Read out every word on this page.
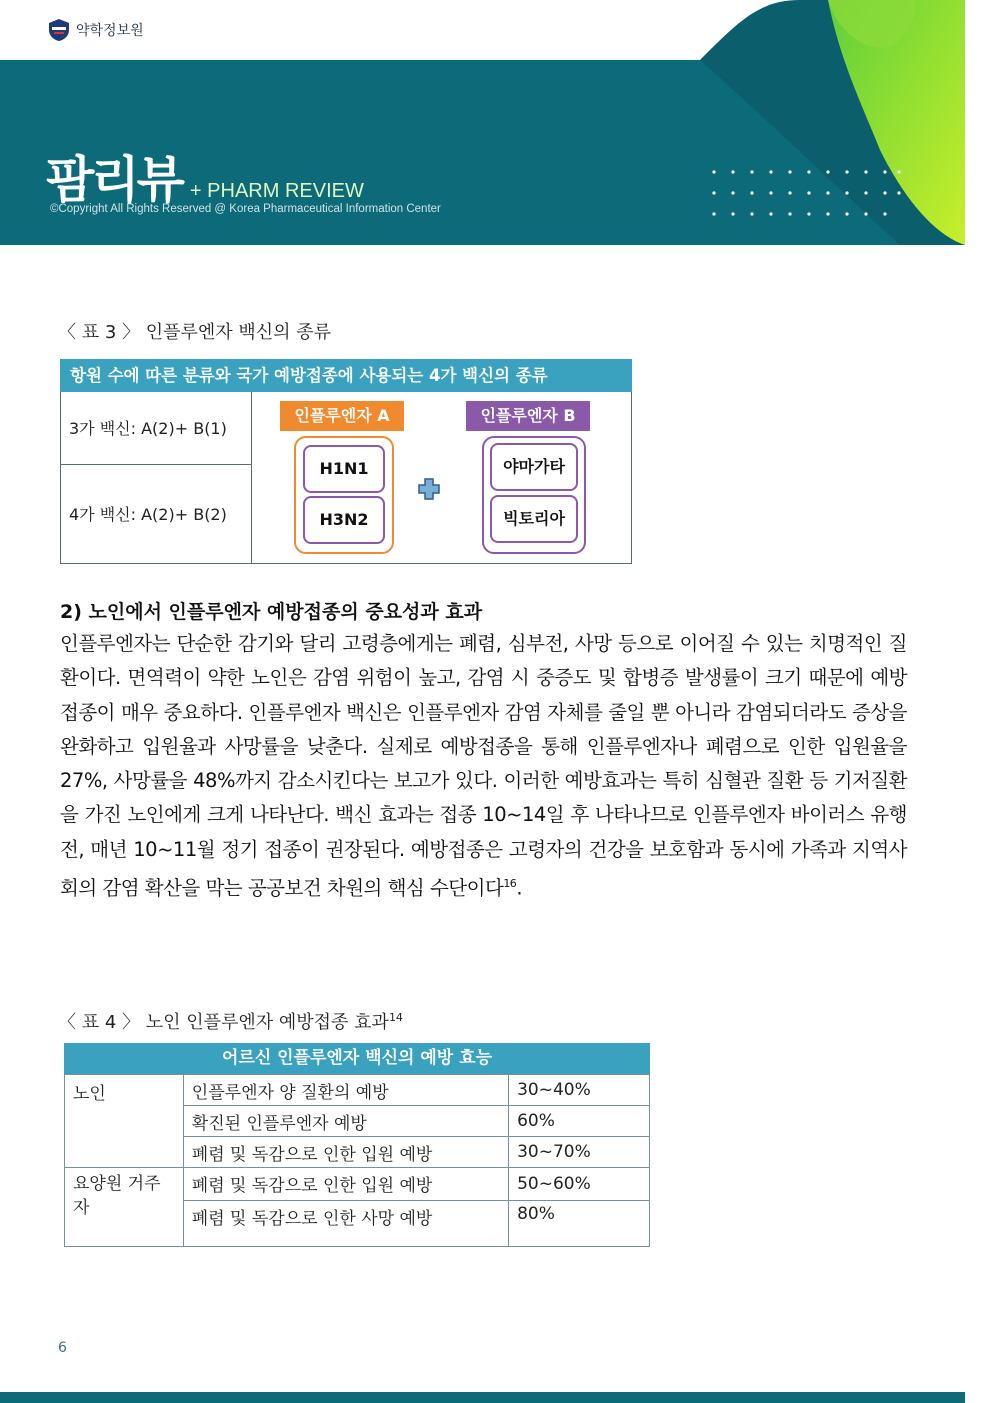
약학정보원
팜리뷰 + PHARM REVIEW
©Copyright All Rights Reserved @ Korea Pharmaceutical Information Center
〈 표 3 〉 인플루엔자 백신의 종류
항원 수에 따른 분류와 국가 예방접종에 사용되는 4가 백신의 종류
3가 백신: A(2)+ B(1)
4가 백신: A(2)+ B(2)
인플루엔자 A	인플루엔자 B
H1N1
H3N2
야마가타
빅토리아
2) 노인에서 인플루엔자 예방접종의 중요성과 효과
인플루엔자는 단순한 감기와 달리 고령층에게는 폐렴, 심부전, 사망 등으로 이어질 수 있는 치명적인 질환이다. 면역력이 약한 노인은 감염 위험이 높고, 감염 시 중증도 및 합병증 발생률이 크기 때문에 예방접종이 매우 중요하다. 인플루엔자 백신은 인플루엔자 감염 자체를 줄일 뿐 아니라 감염되더라도 증상을 완화하고 입원율과 사망률을 낮춘다. 실제로 예방접종을 통해 인플루엔자나 폐렴으로 인한 입원율을 27%, 사망률을 48%까지 감소시킨다는 보고가 있다. 이러한 예방효과는 특히 심혈관 질환 등 기저질환을 가진 노인에게 크게 나타난다. 백신 효과는 접종 10~14일 후 나타나므로 인플루엔자 바이러스 유행 전, 매년 10~11월 정기 접종이 권장된다. 예방접종은 고령자의 건강을 보호함과 동시에 가족과 지역사회의 감염 확산을 막는 공공보건 차원의 핵심 수단이다$^{16}$.
〈 표 4 〉 노인 인플루엔자 예방접종 효과$^{14}$
어르신 인플루엔자 백신의 예방 효능
노인	인플루엔자 양 질환의 예방	30~40%
	확진된 인플루엔자 예방	60%
	폐렴 및 독감으로 인한 입원 예방	30~70%
요양원 거주자	폐렴 및 독감으로 인한 입원 예방	50~60%
	폐렴 및 독감으로 인한 사망 예방	80%
6
